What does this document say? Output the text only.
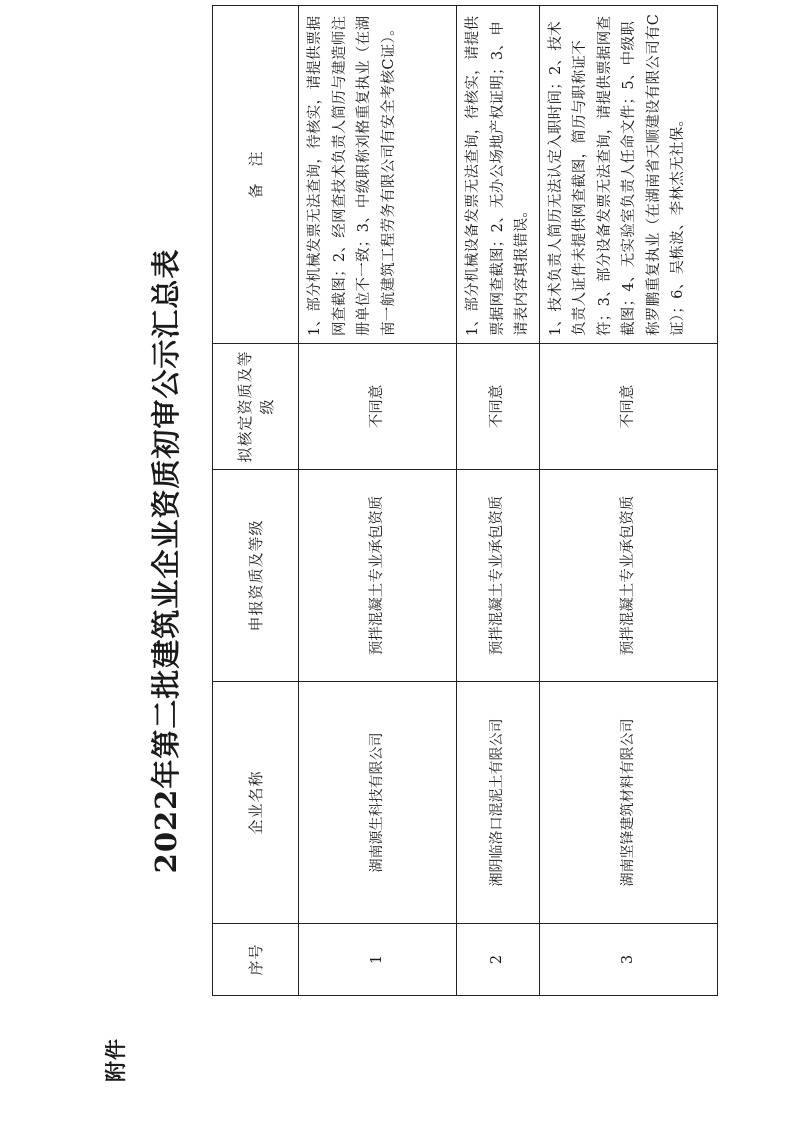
附件
2022年第二批建筑业企业资质初审公示汇总表
序号	企业名称	申报资质及等级	拟核定资质及等级	备　注
1	湖南源生科技有限公司	预拌混凝土专业承包资质	不同意	1、部分机械发票无法查询，待核实，请提供票据网查截图；2、经网查技术负责人简历与建造师注册单位不一致；3、中级职称刘格重复执业（在湖南一航建筑工程劳务有限公司有安全考核C证）。
2	湘阴临洛口混泥土有限公司	预拌混凝土专业承包资质	不同意	1、部分机械设备发票无法查询，待核实，请提供票据网查截图；2、无办公场地产权证明；3、申请表内容填报错误。
3	湖南坚锋建筑材料有限公司	预拌混凝土专业承包资质	不同意	1、技术负责人简历无法认定入职时间；2、技术负责人证件未提供网查截图，简历与职称证不符；3、部分设备发票无法查询，请提供票据网查截图；4、无实验室负责人任命文件；5、中级职称罗鹏重复执业（在湖南省天顺建设有限公司有C证）；6、吴栋波、李林杰无社保。
